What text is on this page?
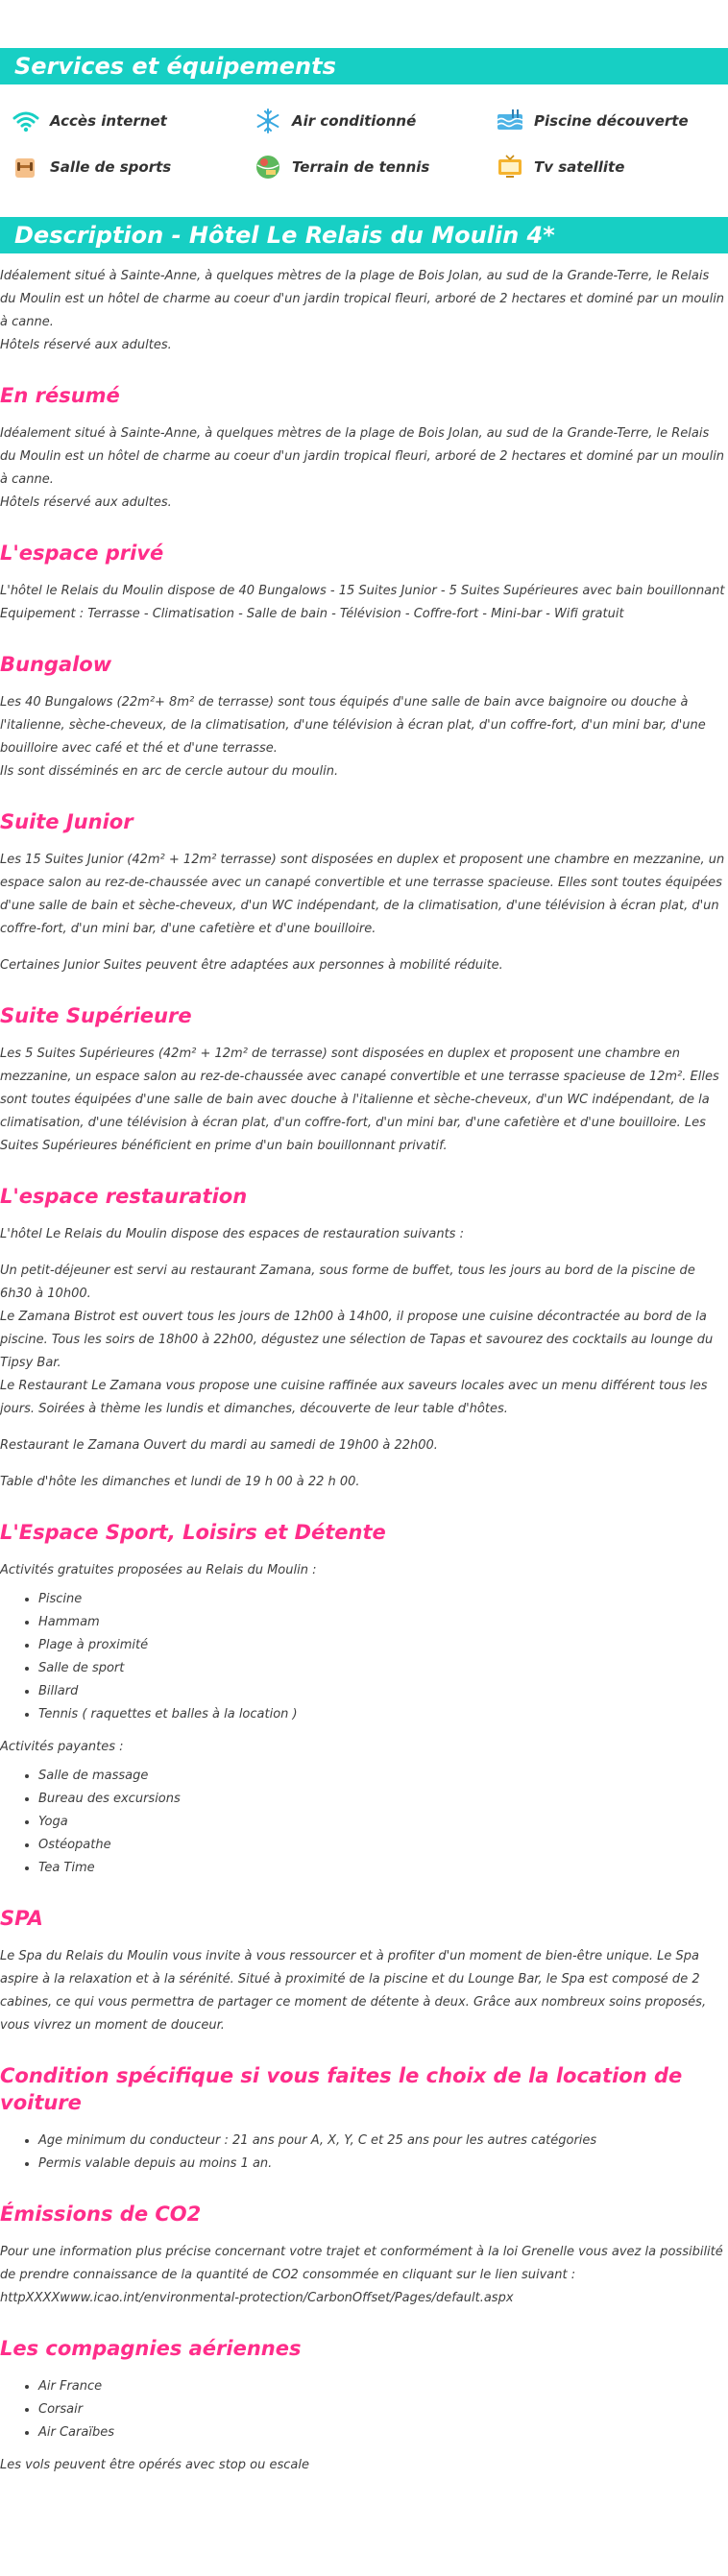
Services et équipements
Accès internet	Air conditionné	Piscine découverte
Salle de sports	Terrain de tennis	Tv satellite
Description - Hôtel Le Relais du Moulin 4*

Idéalement situé à Sainte-Anne, à quelques mètres de la plage de Bois Jolan, au sud de la Grande-Terre, le Relais du Moulin est un hôtel de charme au coeur d'un jardin tropical fleuri, arboré de 2 hectares et dominé par un moulin à canne.
Hôtels réservé aux adultes.

En résumé

Idéalement situé à Sainte-Anne, à quelques mètres de la plage de Bois Jolan, au sud de la Grande-Terre, le Relais du Moulin est un hôtel de charme au coeur d'un jardin tropical fleuri, arboré de 2 hectares et dominé par un moulin à canne.
Hôtels réservé aux adultes.

L'espace privé

L'hôtel le Relais du Moulin dispose de 40 Bungalows - 15 Suites Junior - 5 Suites Supérieures avec bain bouillonnant
Equipement : Terrasse - Climatisation - Salle de bain - Télévision - Coffre-fort - Mini-bar - Wifi gratuit

Bungalow

Les 40 Bungalows (22m²+ 8m² de terrasse) sont tous équipés d'une salle de bain avce baignoire ou douche à l'italienne, sèche-cheveux, de la climatisation, d'une télévision à écran plat, d'un coffre-fort, d'un mini bar, d'une bouilloire avec café et thé et d'une terrasse.
Ils sont disséminés en arc de cercle autour du moulin.

Suite Junior

Les 15 Suites Junior (42m² + 12m² terrasse) sont disposées en duplex et proposent une chambre en mezzanine, un espace salon au rez-de-chaussée avec un canapé convertible et une terrasse spacieuse. Elles sont toutes équipées d'une salle de bain et sèche-cheveux, d'un WC indépendant, de la climatisation, d'une télévision à écran plat, d'un coffre-fort, d'un mini bar, d'une cafetière et d'une bouilloire.

Certaines Junior Suites peuvent être adaptées aux personnes à mobilité réduite.

Suite Supérieure

Les 5 Suites Supérieures (42m² + 12m² de terrasse) sont disposées en duplex et proposent une chambre en mezzanine, un espace salon au rez-de-chaussée avec canapé convertible et une terrasse spacieuse de 12m². Elles sont toutes équipées d'une salle de bain avec douche à l'italienne et sèche-cheveux, d'un WC indépendant, de la climatisation, d'une télévision à écran plat, d'un coffre-fort, d'un mini bar, d'une cafetière et d'une bouilloire. Les Suites Supérieures bénéficient en prime d'un bain bouillonnant privatif.

L'espace restauration

L'hôtel Le Relais du Moulin dispose des espaces de restauration suivants :

Un petit-déjeuner est servi au restaurant Zamana, sous forme de buffet, tous les jours au bord de la piscine de 6h30 à 10h00.
Le Zamana Bistrot est ouvert tous les jours de 12h00 à 14h00, il propose une cuisine décontractée au bord de la piscine. Tous les soirs de 18h00 à 22h00, dégustez une sélection de Tapas et savourez des cocktails au lounge du Tipsy Bar.
Le Restaurant Le Zamana vous propose une cuisine raffinée aux saveurs locales avec un menu différent tous les jours. Soirées à thème les lundis et dimanches, découverte de leur table d'hôtes.

Restaurant le Zamana Ouvert du mardi au samedi de 19h00 à 22h00.

Table d'hôte les dimanches et lundi de 19 h 00 à 22 h 00.

L'Espace Sport, Loisirs et Détente

Activités gratuites proposées au Relais du Moulin :

• Piscine
• Hammam
• Plage à proximité
• Salle de sport
• Billard
• Tennis ( raquettes et balles à la location )

Activités payantes :

• Salle de massage
• Bureau des excursions
• Yoga
• Ostéopathe
• Tea Time
SPA

Le Spa du Relais du Moulin vous invite à vous ressourcer et à profiter d'un moment de bien-être unique. Le Spa aspire à la relaxation et à la sérénité. Situé à proximité de la piscine et du Lounge Bar, le Spa est composé de 2 cabines, ce qui vous permettra de partager ce moment de détente à deux. Grâce aux nombreux soins proposés, vous vivrez un moment de douceur.

Condition spécifique si vous faites le choix de la location de voiture
• Age minimum du conducteur : 21 ans pour A, X, Y, C et 25 ans pour les autres catégories
• Permis valable depuis au moins 1 an.
Émissions de CO2

Pour une information plus précise concernant votre trajet et conformément à la loi Grenelle vous avez la possibilité de prendre connaissance de la quantité de CO2 consommée en cliquant sur le lien suivant :
httpXXXXwww.icao.int/environmental-protection/CarbonOffset/Pages/default.aspx

Les compagnies aériennes
• Air France
• Corsair
• Air Caraïbes

Les vols peuvent être opérés avec stop ou escale
